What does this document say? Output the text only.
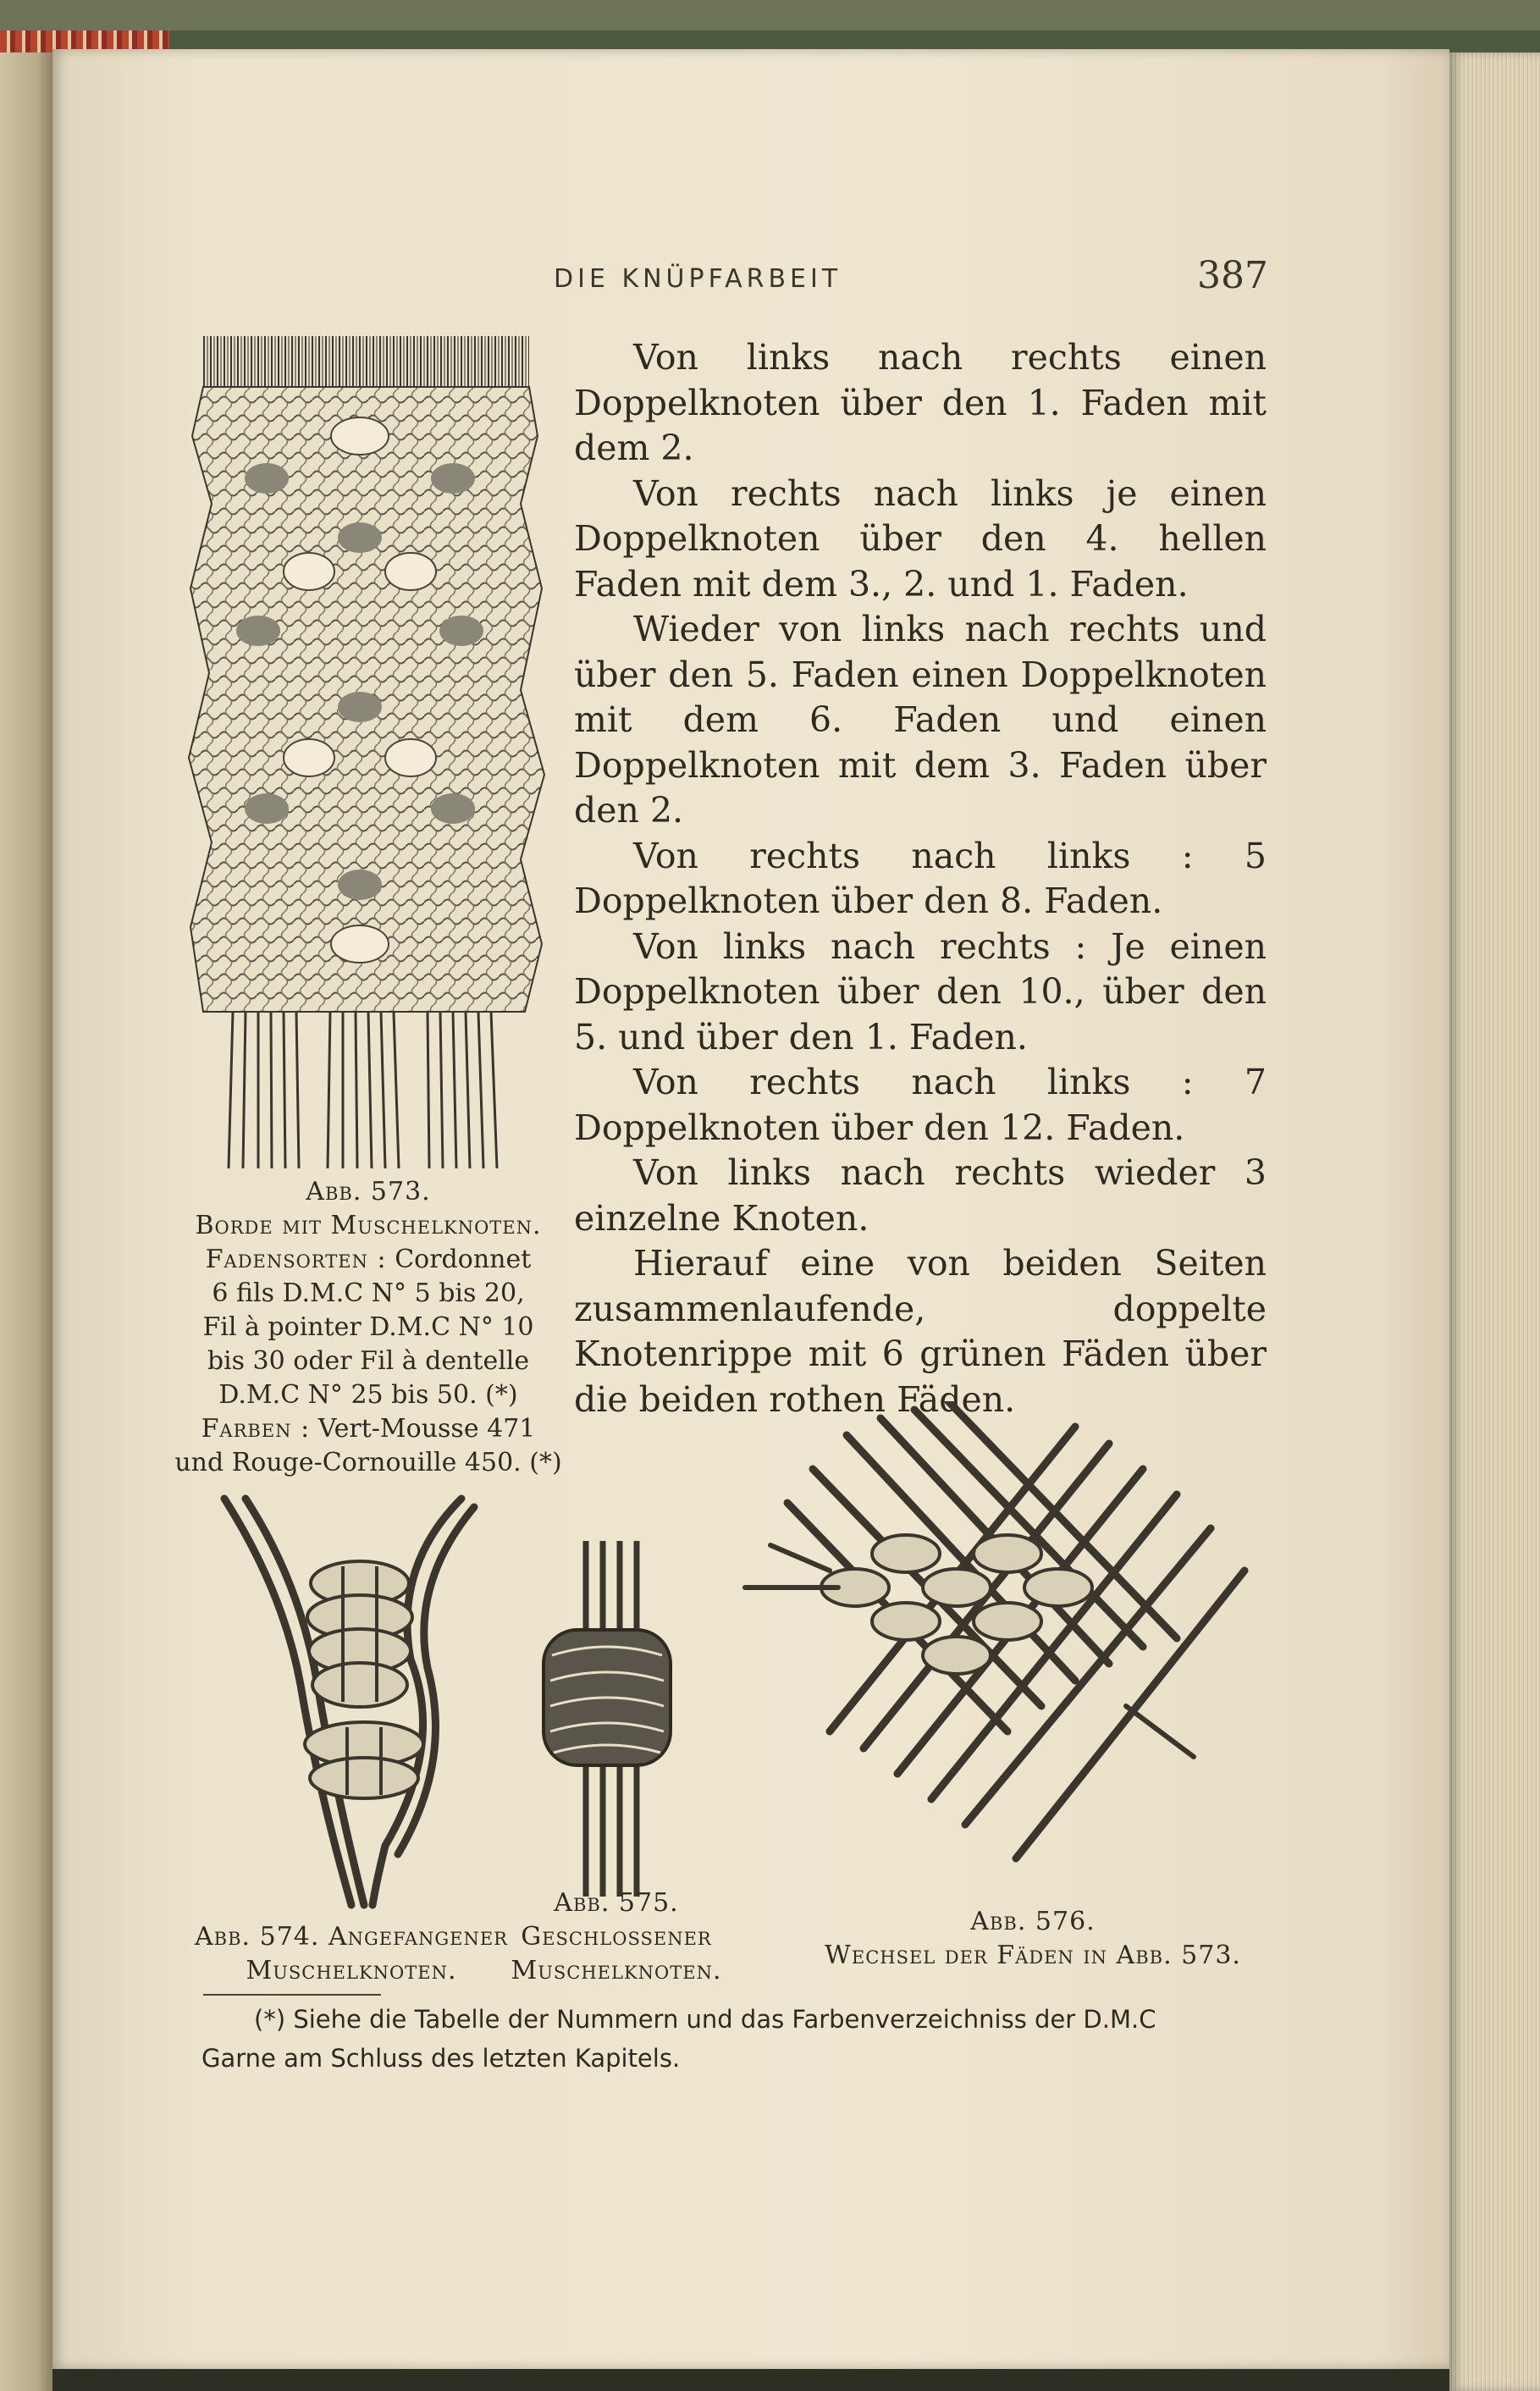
DIE KNÜPFARBEIT	387
Abb. 573.
Borde mit Muschelknoten.
Fadensorten : Cordonnet
6 fils D.M.C N° 5 bis 20,
Fil à pointer D.M.C N° 10
bis 30 oder Fil à dentelle
D.M.C N° 25 bis 50. (*)
Farben : Vert-Mousse 471
und Rouge-Cornouille 450. (*)

Von links nach rechts einen Doppelknoten über den 1. Faden mit dem 2.

Von rechts nach links je einen Doppelknoten über den 4. hellen Faden mit dem 3., 2. und 1. Faden.

Wieder von links nach rechts und über den 5. Faden einen Doppelknoten mit dem 6. Faden und einen Doppelknoten mit dem 3. Faden über den 2.

Von rechts nach links : 5 Doppelknoten über den 8. Faden.

Von links nach rechts : Je einen Doppelknoten über den 10., über den 5. und über den 1. Faden.

Von rechts nach links : 7 Doppelknoten über den 12. Faden.

Von links nach rechts wieder 3 einzelne Knoten.

Hierauf eine von beiden Seiten zusammenlaufende, doppelte Knotenrippe mit 6 grünen Fäden über die beiden rothen Fäden.

Abb. 574. Angefangener
Muschelknoten.
Abb. 575.
Geschlossener
Muschelknoten.
Abb. 576.
Wechsel der Fäden in Abb. 573.
(*) Siehe die Tabelle der Nummern und das Farbenverzeichniss der D.M.C
Garne am Schluss des letzten Kapitels.
